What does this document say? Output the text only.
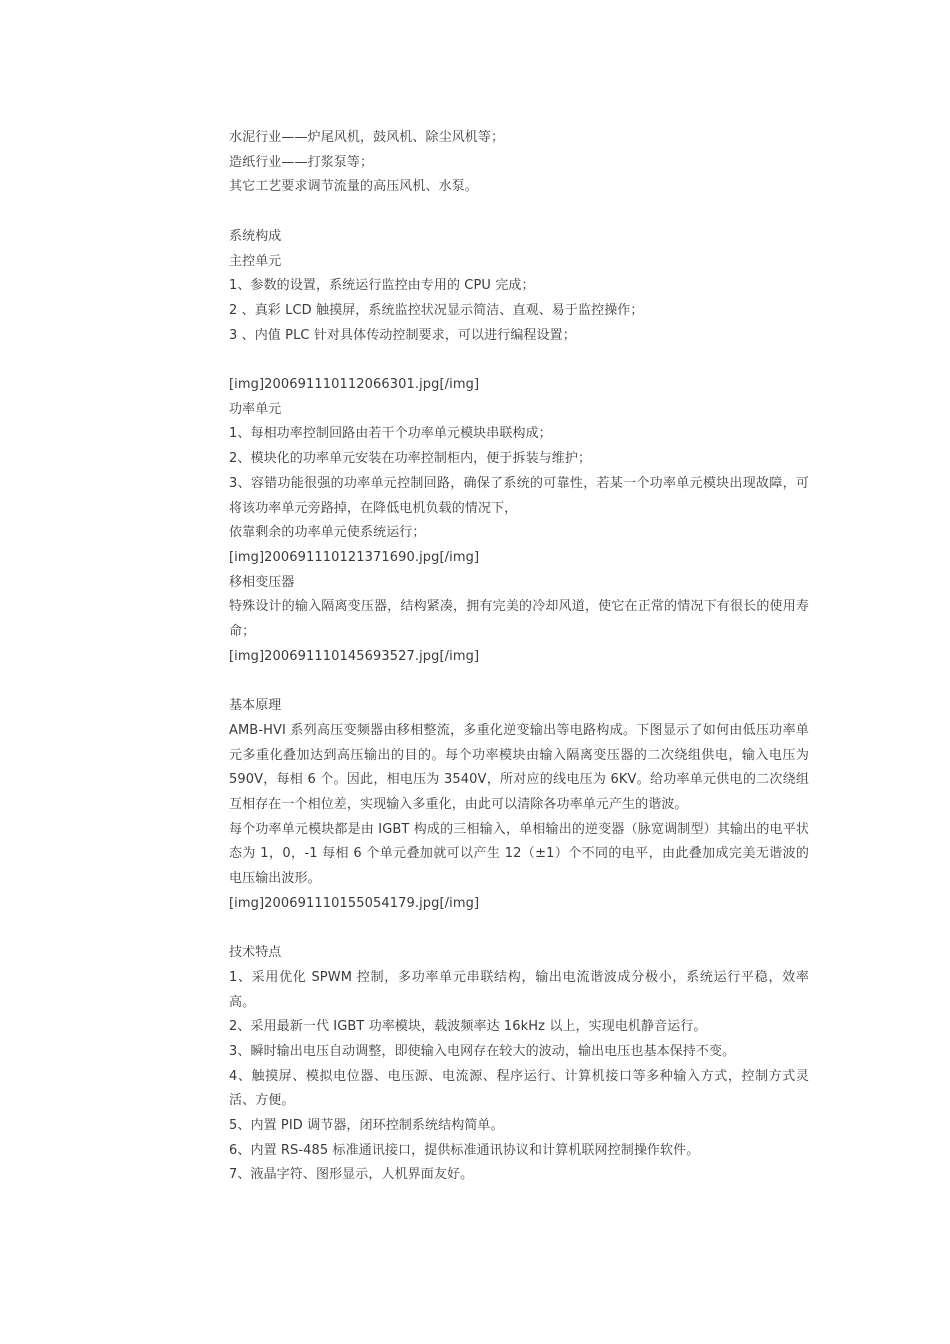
水泥行业——炉尾风机，鼓风机、除尘风机等；

造纸行业——打浆泵等；

其它工艺要求调节流量的高压风机、水泵。

系统构成

主控单元

1、参数的设置，系统运行监控由专用的 CPU 完成；

2 、真彩 LCD 触摸屏，系统监控状况显示简洁、直观、易于监控操作；

3 、内值 PLC 针对具体传动控制要求，可以进行编程设置；

[img]200691110112066301.jpg[/img]

功率单元

1、每相功率控制回路由若干个功率单元模块串联构成；

2、模块化的功率单元安装在功率控制柜内，便于拆装与维护；

3、容错功能很强的功率单元控制回路，确保了系统的可靠性，若某一个功率单元模块出现故障，可将该功率单元旁路掉，在降低电机负载的情况下，

依靠剩余的功率单元使系统运行；

[img]200691110121371690.jpg[/img]

移相变压器

特殊设计的输入隔离变压器，结构紧凑，拥有完美的冷却风道，使它在正常的情况下有很长的使用寿命；

[img]200691110145693527.jpg[/img]

基本原理

AMB-HVI 系列高压变频器由移相整流，多重化逆变输出等电路构成。下图显示了如何由低压功率单元多重化叠加达到高压输出的目的。每个功率模块由输入隔离变压器的二次绕组供电，输入电压为 590V，每相 6 个。因此，相电压为 3540V，所对应的线电压为 6KV。给功率单元供电的二次绕组互相存在一个相位差，实现输入多重化，由此可以清除各功率单元产生的谐波。

每个功率单元模块都是由 IGBT 构成的三相输入，单相输出的逆变器（脉宽调制型）其输出的电平状态为 1，0，-1 每相 6 个单元叠加就可以产生 12（±1）个不同的电平，由此叠加成完美无谐波的电压输出波形。

[img]200691110155054179.jpg[/img]

技术特点

1、采用优化 SPWM 控制，多功率单元串联结构，输出电流谐波成分极小，系统运行平稳，效率高。

2、采用最新一代 IGBT 功率模块，载波频率达 16kHz 以上，实现电机静音运行。

3、瞬时输出电压自动调整，即使输入电网存在较大的波动，输出电压也基本保持不变。

4、触摸屏、模拟电位器、电压源、电流源、程序运行、计算机接口等多种输入方式，控制方式灵活、方便。

5、内置 PID 调节器，闭环控制系统结构简单。

6、内置 RS-485 标准通讯接口，提供标准通讯协议和计算机联网控制操作软件。

7、液晶字符、图形显示，人机界面友好。
